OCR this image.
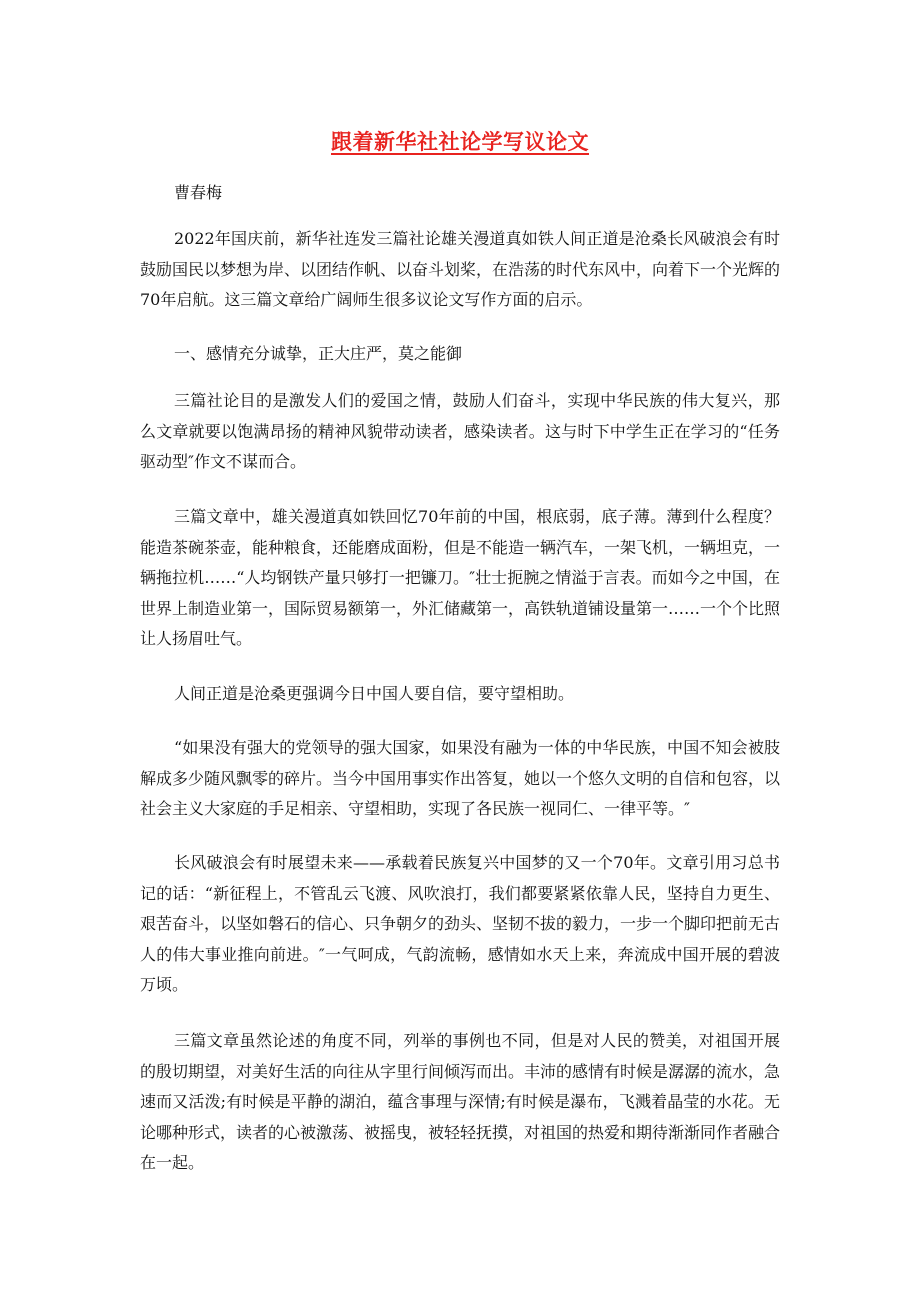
跟着新华社社论学写议论文

曹春梅

2022年国庆前，新华社连发三篇社论雄关漫道真如铁人间正道是沧桑长风破浪会有时鼓励国民以梦想为岸、以团结作帆、以奋斗划桨，在浩荡的时代东风中，向着下一个光辉的70年启航。这三篇文章给广阔师生很多议论文写作方面的启示。

一、感情充分诚挚，正大庄严，莫之能御

三篇社论目的是激发人们的爱国之情，鼓励人们奋斗，实现中华民族的伟大复兴，那么文章就要以饱满昂扬的精神风貌带动读者，感染读者。这与时下中学生正在学习的“任务驱动型″作文不谋而合。

三篇文章中，雄关漫道真如铁回忆70年前的中国，根底弱，底子薄。薄到什么程度？能造茶碗茶壶，能种粮食，还能磨成面粉，但是不能造一辆汽车，一架飞机，一辆坦克，一辆拖拉机……“人均钢铁产量只够打一把镰刀。″壮士扼腕之情溢于言表。而如今之中国，在世界上制造业第一，国际贸易额第一，外汇储藏第一，高铁轨道铺设量第一……一个个比照让人扬眉吐气。

人间正道是沧桑更强调今日中国人要自信，要守望相助。

“如果没有强大的党领导的强大国家，如果没有融为一体的中华民族，中国不知会被肢解成多少随风飘零的碎片。当今中国用事实作出答复，她以一个悠久文明的自信和包容，以社会主义大家庭的手足相亲、守望相助，实现了各民族一视同仁、一律平等。″

长风破浪会有时展望未来——承载着民族复兴中国梦的又一个70年。文章引用习总书记的话：“新征程上，不管乱云飞渡、风吹浪打，我们都要紧紧依靠人民，坚持自力更生、艰苦奋斗，以坚如磐石的信心、只争朝夕的劲头、坚韧不拔的毅力，一步一个脚印把前无古人的伟大事业推向前进。″一气呵成，气韵流畅，感情如水天上来，奔流成中国开展的碧波万顷。

三篇文章虽然论述的角度不同，列举的事例也不同，但是对人民的赞美，对祖国开展的殷切期望，对美好生活的向往从字里行间倾泻而出。丰沛的感情有时候是潺潺的流水，急速而又活泼;有时候是平静的湖泊，蕴含事理与深情;有时候是瀑布，飞溅着晶莹的水花。无论哪种形式，读者的心被激荡、被摇曳，被轻轻抚摸，对祖国的热爱和期待渐渐同作者融合在一起。
